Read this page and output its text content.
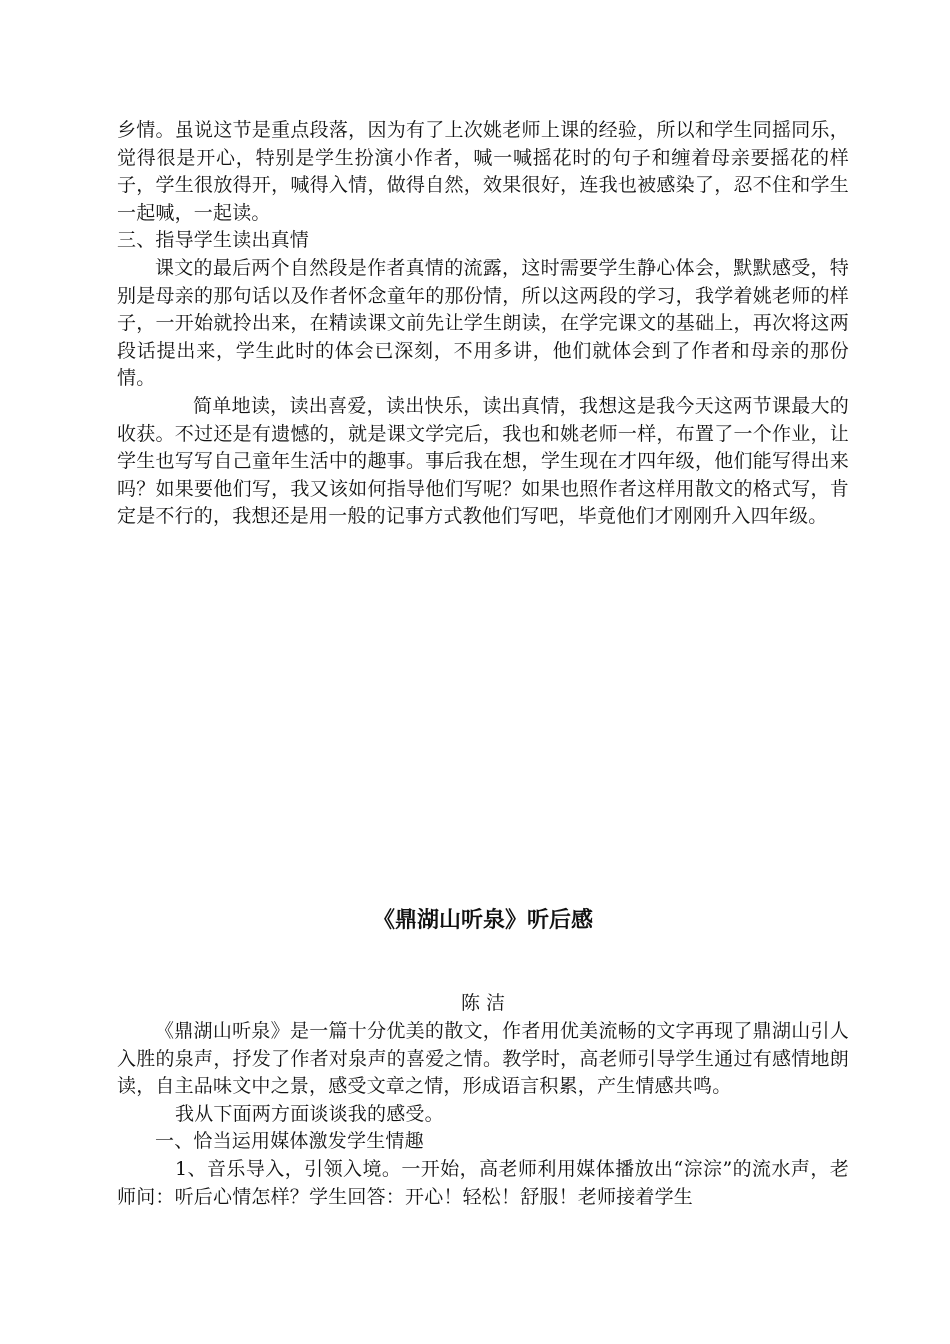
乡情。虽说这节是重点段落，因为有了上次姚老师上课的经验，所以和学生同摇同乐，觉得很是开心，特别是学生扮演小作者，喊一喊摇花时的句子和缠着母亲要摇花的样子，学生很放得开，喊得入情，做得自然，效果很好，连我也被感染了，忍不住和学生一起喊，一起读。

三、指导学生读出真情

课文的最后两个自然段是作者真情的流露，这时需要学生静心体会，默默感受，特别是母亲的那句话以及作者怀念童年的那份情，所以这两段的学习，我学着姚老师的样子，一开始就拎出来，在精读课文前先让学生朗读，在学完课文的基础上，再次将这两段话提出来，学生此时的体会已深刻，不用多讲，他们就体会到了作者和母亲的那份情。

简单地读，读出喜爱，读出快乐，读出真情，我想这是我今天这两节课最大的收获。不过还是有遗憾的，就是课文学完后，我也和姚老师一样，布置了一个作业，让学生也写写自己童年生活中的趣事。事后我在想，学生现在才四年级，他们能写得出来吗？如果要他们写，我又该如何指导他们写呢？如果也照作者这样用散文的格式写，肯定是不行的，我想还是用一般的记事方式教他们写吧，毕竟他们才刚刚升入四年级。

《鼎湖山听泉》听后感
陈 洁

《鼎湖山听泉》是一篇十分优美的散文，作者用优美流畅的文字再现了鼎湖山引人入胜的泉声，抒发了作者对泉声的喜爱之情。教学时，高老师引导学生通过有感情地朗读，自主品味文中之景，感受文章之情，形成语言积累，产生情感共鸣。

我从下面两方面谈谈我的感受。

一、恰当运用媒体激发学生情趣

1、音乐导入，引领入境。一开始，高老师利用媒体播放出“淙淙”的流水声，老师问：听后心情怎样？学生回答：开心！轻松！舒服！老师接着学生
